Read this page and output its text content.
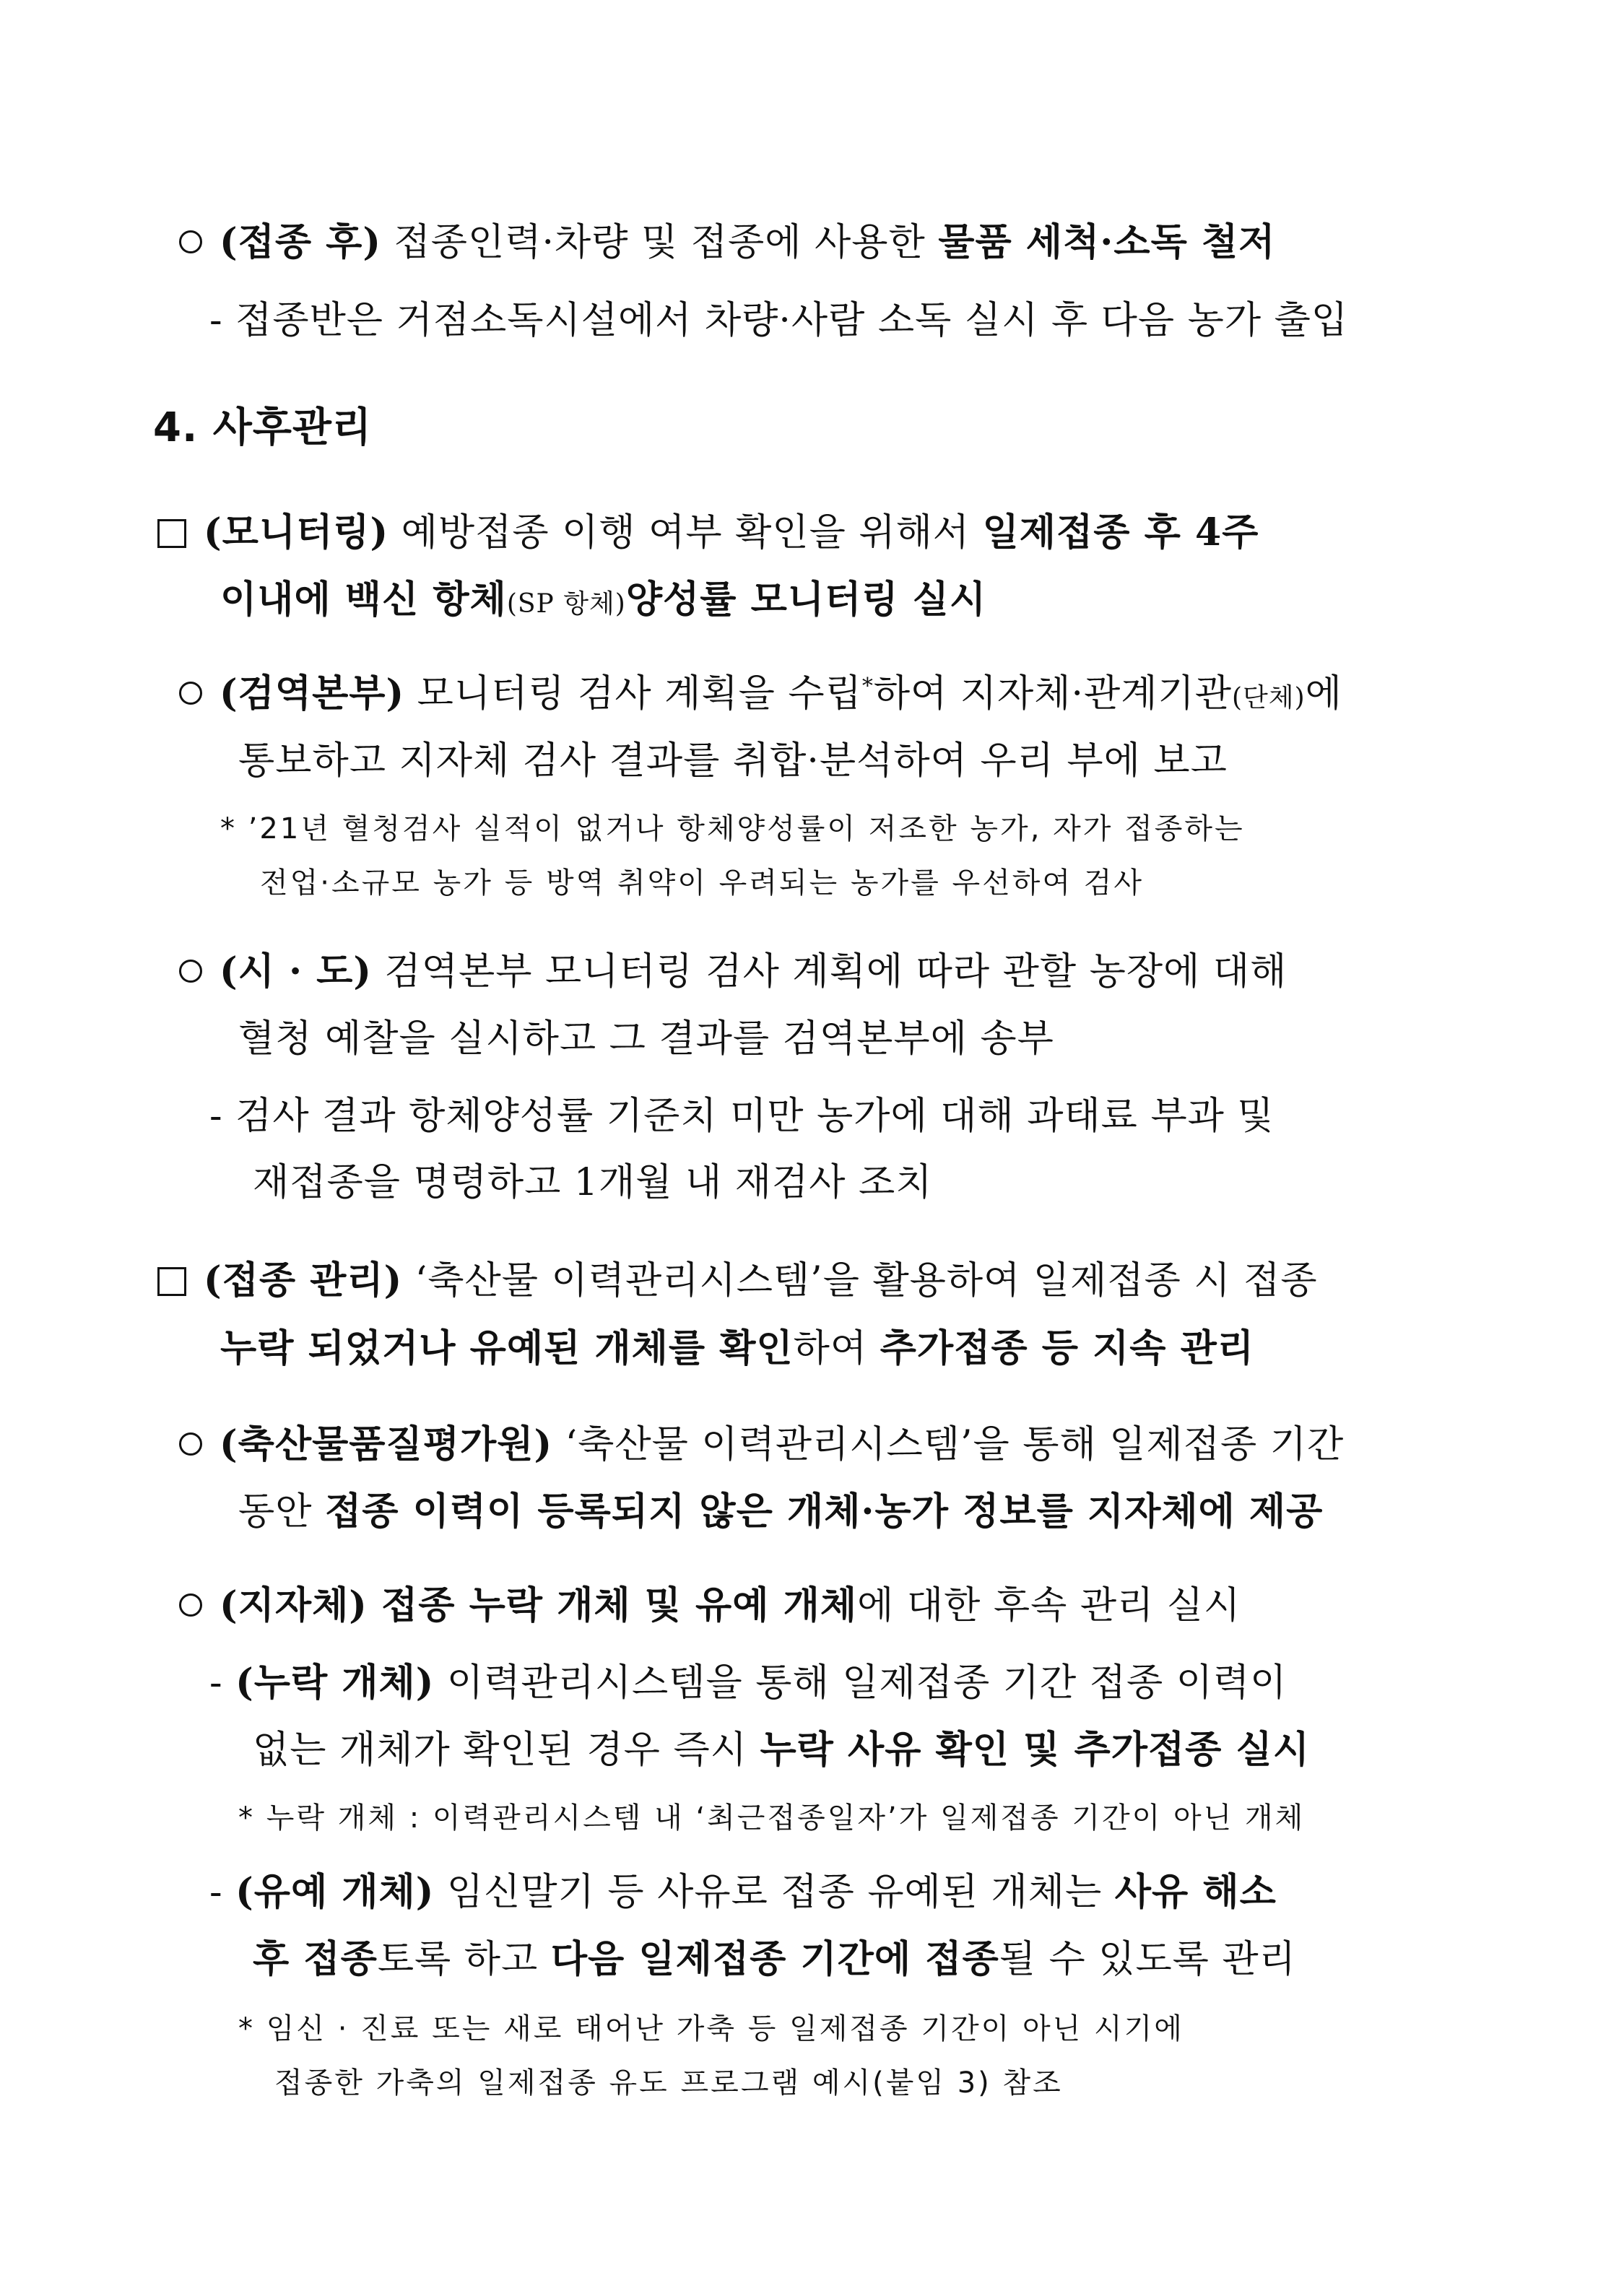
(접종 후) 접종인력·차량 및 접종에 사용한 물품 세척·소독 철저
- 접종반은 거점소독시설에서 차량·사람 소독 실시 후 다음 농가 출입
4. 사후관리
(모니터링) 예방접종 이행 여부 확인을 위해서 일제접종 후 4주
이내에 백신 항체(SP 항체)양성률 모니터링 실시
(검역본부) 모니터링 검사 계획을 수립*하여 지자체·관계기관(단체)에
통보하고 지자체 검사 결과를 취합·분석하여 우리 부에 보고
* ’21년 혈청검사 실적이 없거나 항체양성률이 저조한 농가, 자가 접종하는
전업·소규모 농가 등 방역 취약이 우려되는 농가를 우선하여 검사
(시 · 도) 검역본부 모니터링 검사 계획에 따라 관할 농장에 대해
혈청 예찰을 실시하고 그 결과를 검역본부에 송부
- 검사 결과 항체양성률 기준치 미만 농가에 대해 과태료 부과 및
재접종을 명령하고 1개월 내 재검사 조치
(접종 관리) ‘축산물 이력관리시스템’을 활용하여 일제접종 시 접종
누락 되었거나 유예된 개체를 확인하여 추가접종 등 지속 관리
(축산물품질평가원) ‘축산물 이력관리시스템’을 통해 일제접종 기간
동안 접종 이력이 등록되지 않은 개체·농가 정보를 지자체에 제공
(지자체) 접종 누락 개체 및 유예 개체에 대한 후속 관리 실시
- (누락 개체) 이력관리시스템을 통해 일제접종 기간 접종 이력이
없는 개체가 확인된 경우 즉시 누락 사유 확인 및 추가접종 실시
* 누락 개체 : 이력관리시스템 내 ‘최근접종일자’가 일제접종 기간이 아닌 개체
- (유예 개체) 임신말기 등 사유로 접종 유예된 개체는 사유 해소
후 접종토록 하고 다음 일제접종 기간에 접종될 수 있도록 관리
* 임신 · 진료 또는 새로 태어난 가축 등 일제접종 기간이 아닌 시기에
접종한 가축의 일제접종 유도 프로그램 예시(붙임 3) 참조
